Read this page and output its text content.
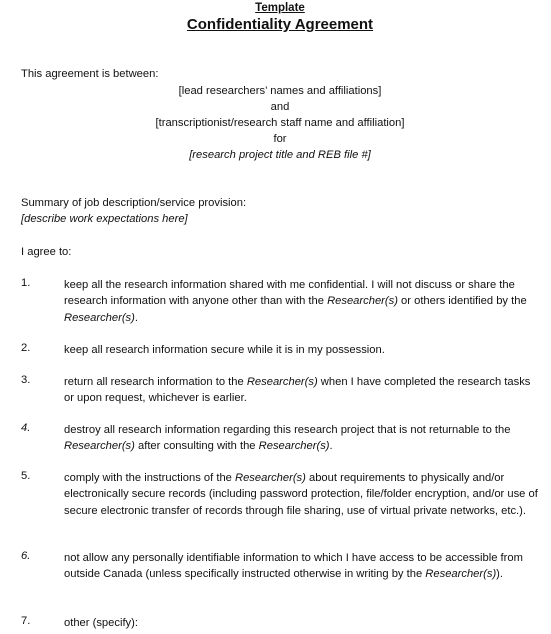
Template
Confidentiality Agreement
This agreement is between:
[lead researchers’ names and affiliations]
and
[transcriptionist/research staff name and affiliation]
for
[research project title and REB file #]
Summary of job description/service provision:
[describe work expectations here]
I agree to:
1.	keep all the research information shared with me confidential. I will not discuss or share the research information with anyone other than with the Researcher(s) or others identified by the Researcher(s).
2.	keep all research information secure while it is in my possession.
3.	return all research information to the Researcher(s) when I have completed the research tasks or upon request, whichever is earlier.
4.	destroy all research information regarding this research project that is not returnable to the Researcher(s) after consulting with the Researcher(s).
5.	comply with the instructions of the Researcher(s) about requirements to physically and/or electronically secure records (including password protection, file/folder encryption, and/or use of secure electronic transfer of records through file sharing, use of virtual private networks, etc.).
6.	not allow any personally identifiable information to which I have access to be accessible from outside Canada (unless specifically instructed otherwise in writing by the Researcher(s)).
7.	other (specify):
